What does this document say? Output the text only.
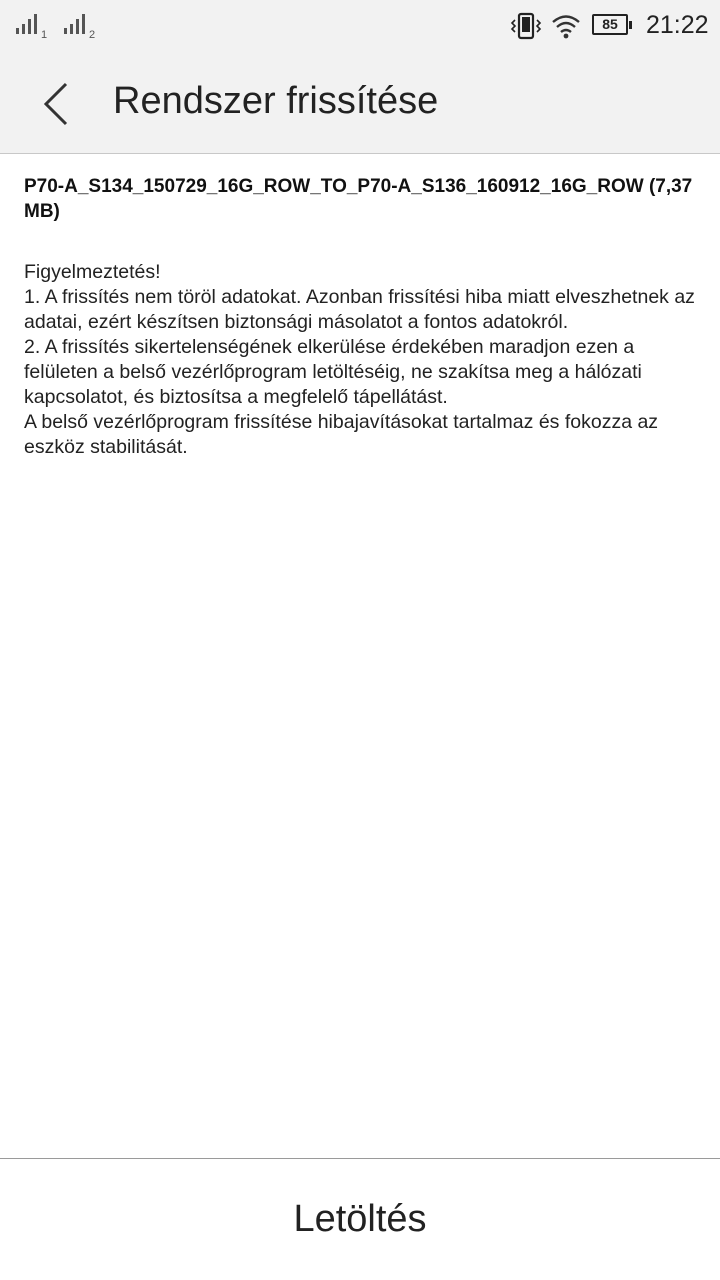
1	2
85	21:22
Rendszer frissítése

P70-A_S134_150729_16G_ROW_TO_P70-A_S136_160912_16G_ROW (7,37 MB)

Figyelmeztetés!
1. A frissítés nem töröl adatokat. Azonban frissítési hiba miatt elveszhetnek az adatai, ezért készítsen biztonsági másolatot a fontos adatokról.
2. A frissítés sikertelenségének elkerülése érdekében maradjon ezen a felületen a belső vezérlőprogram letöltéséig, ne szakítsa meg a hálózati kapcsolatot, és biztosítsa a megfelelő tápellátást.
A belső vezérlőprogram frissítése hibajavításokat tartalmaz és fokozza az eszköz stabilitását.
Letöltés
